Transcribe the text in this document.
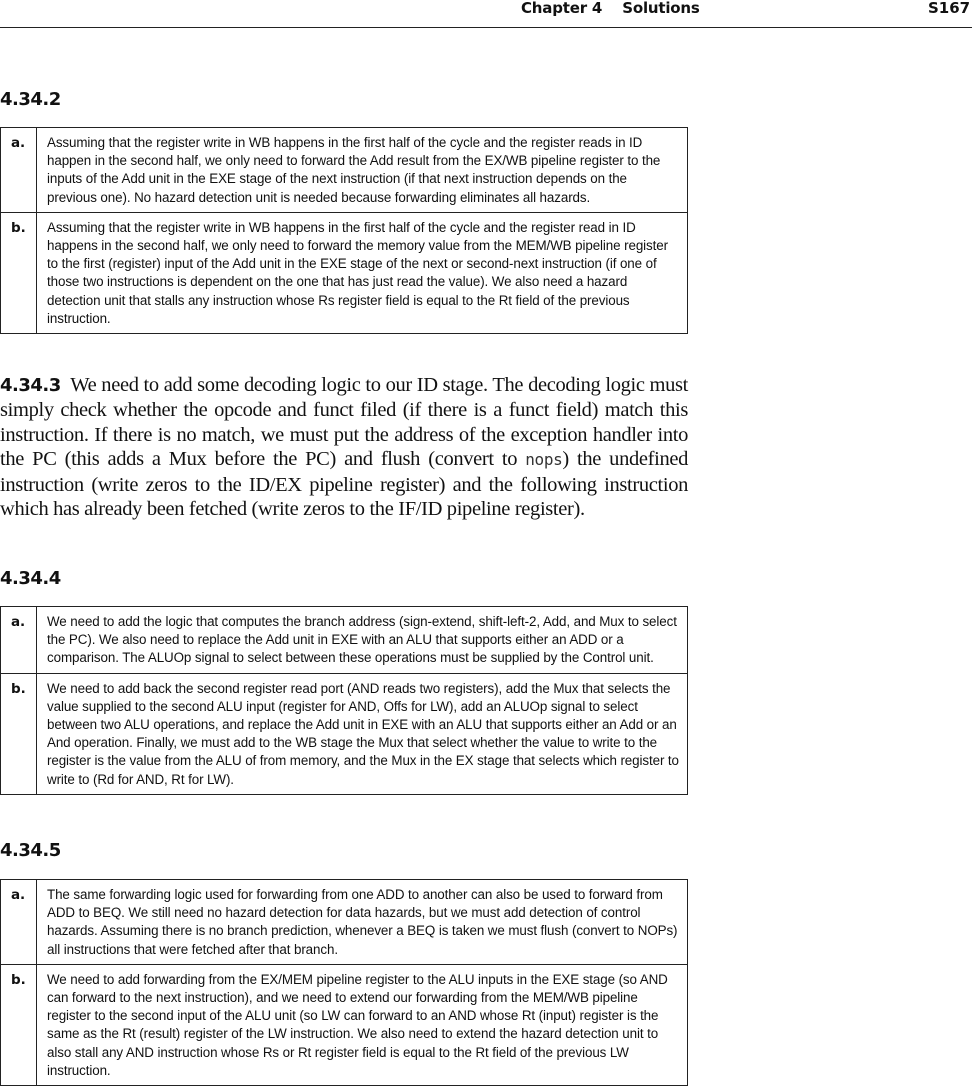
Chapter 4    Solutions	S167
4.34.2
a.	Assuming that the register write in WB happens in the first half of the cycle and the register reads in ID happen in the second half, we only need to forward the Add result from the EX/WB pipeline register to the inputs of the Add unit in the EXE stage of the next instruction (if that next instruction depends on the previous one). No hazard detection unit is needed because forwarding eliminates all hazards.
b.	Assuming that the register write in WB happens in the first half of the cycle and the register read in ID happens in the second half, we only need to forward the memory value from the MEM/WB pipeline register to the first (register) input of the Add unit in the EXE stage of the next or second-next instruction (if one of those two instructions is dependent on the one that has just read the value). We also need a hazard detection unit that stalls any instruction whose Rs register field is equal to the Rt field of the previous instruction.
4.34.3 We need to add some decoding logic to our ID stage. The decoding logic must simply check whether the opcode and funct filed (if there is a funct field) match this instruction. If there is no match, we must put the address of the exception handler into the PC (this adds a Mux before the PC) and flush (convert to nops) the undefined instruction (write zeros to the ID/EX pipeline register) and the following instruction which has already been fetched (write zeros to the IF/ID pipeline register).
4.34.4
a.	We need to add the logic that computes the branch address (sign-extend, shift-left-2, Add, and Mux to select the PC). We also need to replace the Add unit in EXE with an ALU that supports either an ADD or a comparison. The ALUOp signal to select between these operations must be supplied by the Control unit.
b.	We need to add back the second register read port (AND reads two registers), add the Mux that selects the value supplied to the second ALU input (register for AND, Offs for LW), add an ALUOp signal to select between two ALU operations, and replace the Add unit in EXE with an ALU that supports either an Add or an And operation. Finally, we must add to the WB stage the Mux that select whether the value to write to the register is the value from the ALU of from memory, and the Mux in the EX stage that selects which register to write to (Rd for AND, Rt for LW).
4.34.5
a.	The same forwarding logic used for forwarding from one ADD to another can also be used to forward from ADD to BEQ. We still need no hazard detection for data hazards, but we must add detection of control hazards. Assuming there is no branch prediction, whenever a BEQ is taken we must flush (convert to NOPs) all instructions that were fetched after that branch.
b.	We need to add forwarding from the EX/MEM pipeline register to the ALU inputs in the EXE stage (so AND can forward to the next instruction), and we need to extend our forwarding from the MEM/WB pipeline register to the second input of the ALU unit (so LW can forward to an AND whose Rt (input) register is the same as the Rt (result) register of the LW instruction. We also need to extend the hazard detection unit to also stall any AND instruction whose Rs or Rt register field is equal to the Rt field of the previous LW instruction.
